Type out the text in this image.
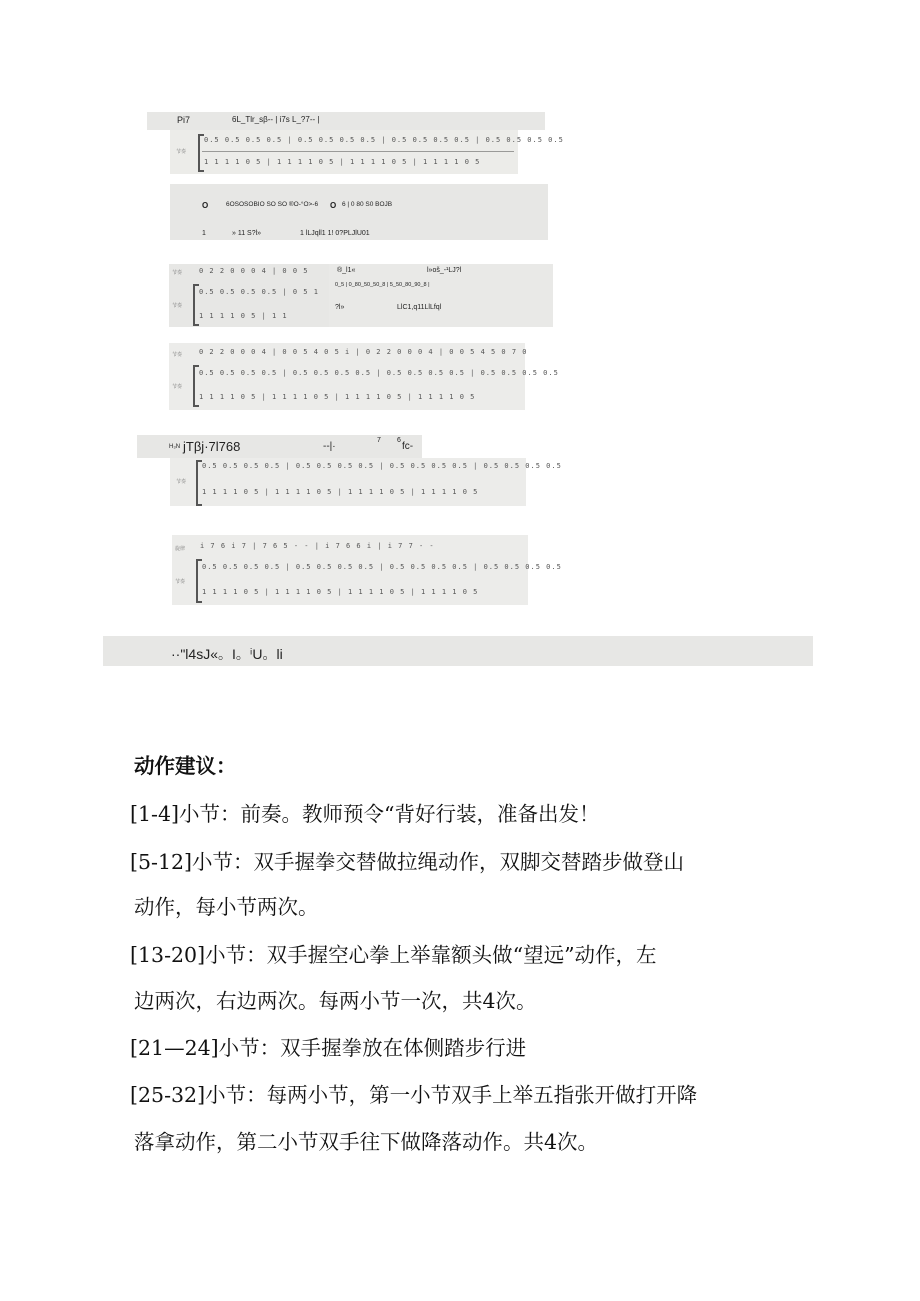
Pi7	6L_Tlr_sβ-- | i7s L_?7-- |
节奏
0.5 0.5 0.5 0.5 | 0.5 0.5 0.5 0.5 | 0.5 0.5 0.5 0.5 | 0.5 0.5 0.5 0.5
1 1 1 1 0 5 | 1 1 1 1 0 5 | 1 1 1 1 0 5 | 1 1 1 1 0 5
O	6OSOSOBIO SO SO ®O-°O>-6 O 6 | 0 80 S0 BOJB
1	» 11 S?l»	1 lLJqll1 1! 0?PLJlU01
节奏
节奏
0 2 2 0 0 0 4 | 0 0 5
0.5 0.5 0.5 0.5 | 0 5 1
1 1 1 1 0 5 | 1 1
®_l1«	l»oš_-¹LJ?l
0_5 | 0_80_50_50_8 | 5_50_80_90_8 |
?l»	LlC1,q11LlLfql
节奏
节奏
0 2 2 0 0 0 4 | 0 0 5 4 0 5 i | 0 2 2 0 0 0 4 | 0 0 5 4 5 0 7 0
0.5 0.5 0.5 0.5 | 0.5 0.5 0.5 0.5 | 0.5 0.5 0.5 0.5 | 0.5 0.5 0.5 0.5
1 1 1 1 0 5 | 1 1 1 1 0 5 | 1 1 1 1 0 5 | 1 1 1 1 0 5
H₃N jTβj·7l768	--|·
7 6
fc-
节奏
0.5 0.5 0.5 0.5 | 0.5 0.5 0.5 0.5 | 0.5 0.5 0.5 0.5 | 0.5 0.5 0.5 0.5
1 1 1 1 0 5 | 1 1 1 1 0 5 | 1 1 1 1 0 5 | 1 1 1 1 0 5
旋律
节奏
i 7 6 i 7 | 7 6 5 - - | i 7 6 6 i | i 7 7 - -
0.5 0.5 0.5 0.5 | 0.5 0.5 0.5 0.5 | 0.5 0.5 0.5 0.5 | 0.5 0.5 0.5 0.5
1 1 1 1 0 5 | 1 1 1 1 0 5 | 1 1 1 1 0 5 | 1 1 1 1 0 5
··"l4sJ«。I。ⁱU。li
动作建议：
[1-4]小节：前奏。教师预令“背好行装，准备出发！
[5-12]小节：双手握拳交替做拉绳动作，双脚交替踏步做登山
动作，每小节两次。
[13-20]小节：双手握空心拳上举靠额头做“望远”动作，左
边两次，右边两次。每两小节一次，共4次。
[21—24]小节：双手握拳放在体侧踏步行进
[25-32]小节：每两小节，第一小节双手上举五指张开做打开降
落拿动作，第二小节双手往下做降落动作。共4次。
